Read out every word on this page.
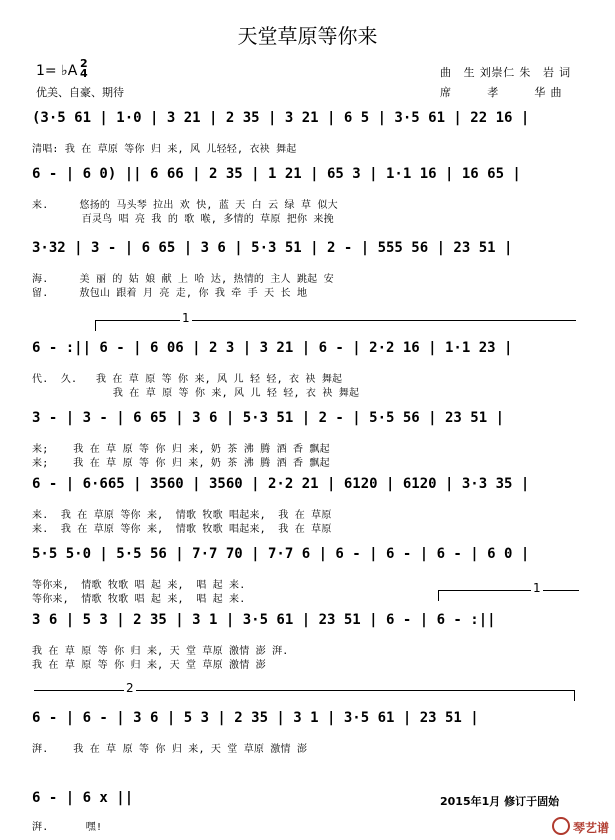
天堂草原等你来
1= ♭A 2
4	曲　生 刘崇仁 朱　岩 词
优美、自豪、期待	席　　　孝　　　华 曲
(3·5 61 | 1·0 | 3 21 | 2 35 | 3 21 | 6 5 | 3·5 61 | 22 16 |
清唱: 我 在 草原 等你 归 来, 风 儿轻轻, 衣袂 舞起
6 - | 6 0) || 6 66 | 2 35 | 1 21 | 65 3 | 1·1 16 | 16 65 |
来.     悠扬的 马头琴 拉出 欢 快, 蓝 天 白 云 绿 草 似大
百灵鸟 唱 亮 我 的 歌 喉, 多情的 草原 把你 来挽
3·32 | 3 - | 6 65 | 3 6 | 5·3 51 | 2 - | 555 56 | 23 51 |
海.     美 丽 的 姑 娘 献 上 哈 达, 热情的 主人 跳起 安
留.     敖包山 跟着 月 亮 走, 你 我 牵 手 天 长 地
1
6 - :|| 6 - | 6 06 | 2 3 | 3 21 | 6 - | 2·2 16 | 1·1 23 |
代.  久.   我 在 草 原 等 你 来, 风 儿 轻 轻, 衣 袂 舞起
我 在 草 原 等 你 来, 风 儿 轻 轻, 衣 袂 舞起
3 - | 3 - | 6 65 | 3 6 | 5·3 51 | 2 - | 5·5 56 | 23 51 |
来;    我 在 草 原 等 你 归 来, 奶 茶 沸 腾 酒 香 飘起
来;    我 在 草 原 等 你 归 来, 奶 茶 沸 腾 酒 香 飘起
6 - | 6·665 | 3560 | 3560 | 2·2 21 | 6120 | 6120 | 3·3 35 |
来.  我 在 草原 等你 来,  情歌 牧歌 唱起来,  我 在 草原
来.  我 在 草原 等你 来,  情歌 牧歌 唱起来,  我 在 草原
5·5 5·0 | 5·5 56 | 7·7 70 | 7·7 6 | 6 - | 6 - | 6 - | 6 0 |
等你来,  情歌 牧歌 唱 起 来,  唱 起 来.
等你来,  情歌 牧歌 唱 起 来,  唱 起 来.
1
3 6 | 5 3 | 2 35 | 3 1 | 3·5 61 | 23 51 | 6 - | 6 - :||
我 在 草 原 等 你 归 来, 天 堂 草原 激情 澎 湃.
我 在 草 原 等 你 归 来, 天 堂 草原 激情 澎
2
6 - | 6 - | 3 6 | 5 3 | 2 35 | 3 1 | 3·5 61 | 23 51 |
湃.    我 在 草 原 等 你 归 来, 天 堂 草原 激情 澎
6 - | 6 x ||
湃.      嘿!
2015年1月 修订于固始
琴艺谱
